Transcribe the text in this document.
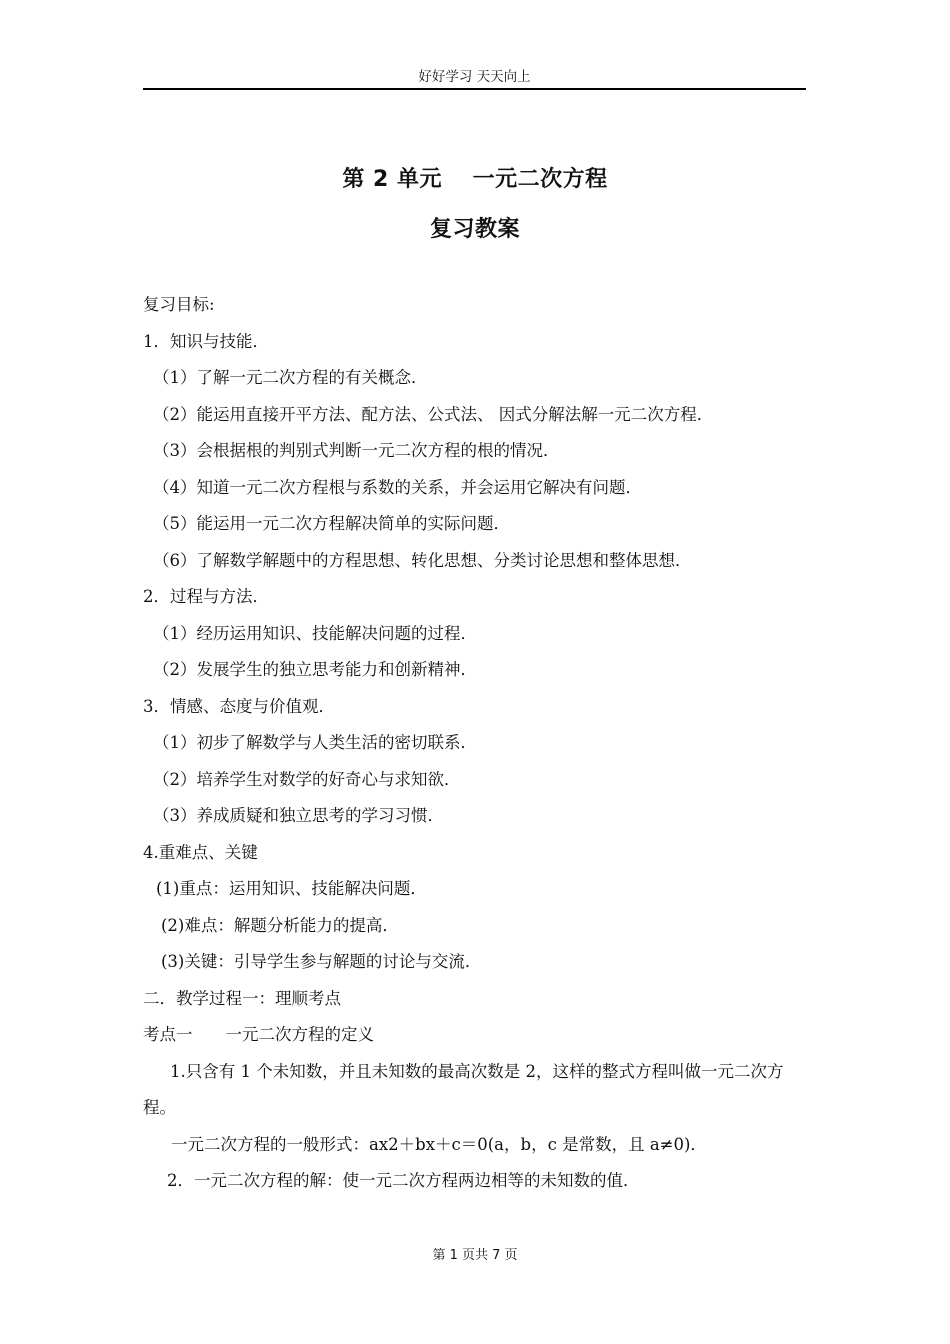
好好学习 天天向上
第 2 单元　 一元二次方程
复习教案
复习目标:
1．知识与技能．
（1）了解一元二次方程的有关概念．
（2）能运用直接开平方法、配方法、公式法、 因式分解法解一元二次方程．
（3）会根据根的判别式判断一元二次方程的根的情况．
（4）知道一元二次方程根与系数的关系，并会运用它解决有问题．
（5）能运用一元二次方程解决简单的实际问题．
（6）了解数学解题中的方程思想、转化思想、分类讨论思想和整体思想．
2．过程与方法．
（1）经历运用知识、技能解决问题的过程．
（2）发展学生的独立思考能力和创新精神．
3．情感、态度与价值观．
（1）初步了解数学与人类生活的密切联系．
（2）培养学生对数学的好奇心与求知欲．
（3）养成质疑和独立思考的学习习惯．
4.重难点、关键
(1)重点：运用知识、技能解决问题．
(2)难点：解题分析能力的提高．
(3)关键：引导学生参与解题的讨论与交流．
二．教学过程一：理顺考点
考点一　　一元二次方程的定义
1.只含有 1 个未知数，并且未知数的最高次数是 2，这样的整式方程叫做一元二次方程。
一元二次方程的一般形式：ax2＋bx＋c＝0(a，b，c 是常数，且 a≠0)．
2．一元二次方程的解：使一元二次方程两边相等的未知数的值．
第 1 页共 7 页
